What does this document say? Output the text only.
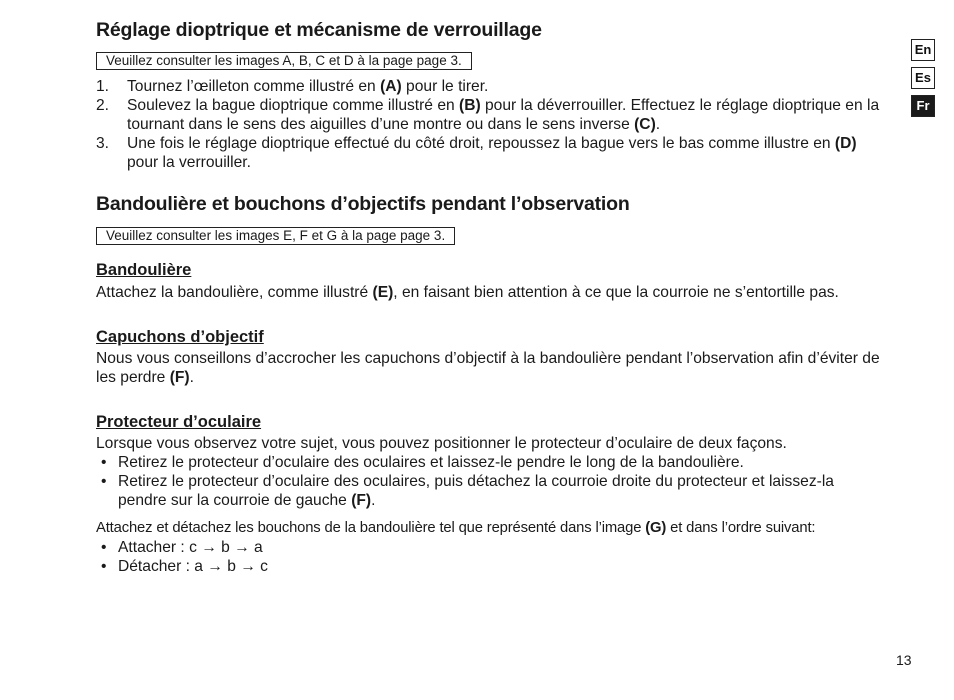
Réglage dioptrique et mécanisme de verrouillage
Veuillez consulter les images A, B, C et D à la page page 3.
1. Tournez l’œilleton comme illustré en (A) pour le tirer.
2. Soulevez la bague dioptrique comme illustré en (B) pour la déverrouiller. Effectuez le réglage dioptrique en la tournant dans le sens des aiguilles d’une montre ou dans le sens inverse (C).
3. Une fois le réglage dioptrique effectué du côté droit, repoussez la bague vers le bas comme illustre en (D) pour la verrouiller.
Bandoulière et bouchons d’objectifs pendant l’observation
Veuillez consulter les images E, F et G à la page page 3.
Bandoulière

Attachez la bandoulière, comme illustré (E), en faisant bien attention à ce que la courroie ne s’entortille pas.

Capuchons d’objectif

Nous vous conseillons d’accrocher les capuchons d’objectif à la bandoulière pendant l’observation afin d’éviter de les perdre (F).

Protecteur d’oculaire

Lorsque vous observez votre sujet, vous pouvez positionner le protecteur d’oculaire de deux façons.

• Retirez le protecteur d’oculaire des oculaires et laissez-le pendre le long de la bandoulière.
• Retirez le protecteur d’oculaire des oculaires, puis détachez la courroie droite du protecteur et laissez-la pendre sur la courroie de gauche (F).

Attachez et détachez les bouchons de la bandoulière tel que représenté dans l’image (G) et dans l’ordre suivant:

• Attacher : c → b → a
• Détacher : a → b → c
En
Es
Fr
13
